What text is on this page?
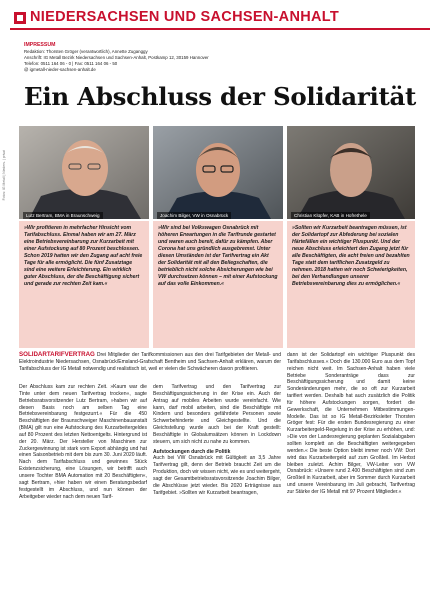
NIEDERSACHSEN UND SACHSEN-ANHALT
IMPRESSUM
Redaktion: Thorsten Gröger (verantwortlich), Annette Zuganggy
Anschrift: IG Metall Bezirk Niedersachsen und Sachsen-Anhalt, Postkamp 12, 30159 Hannover
Telefon: 0511 164 06 - 0 | Fax: 0511 164 06 - 50
@ igmetall-nieder-sachsen-anhalt.de
Ein Abschluss der Solidarität
Fotos: IG Metall | Nieders. | privat
Lutz Bertram, BMA in Braunschweig	Joachim Bilger, VW in Osnabrück	Christian Klüpfer, KAB in Hofrethele
»Wir profitieren in mehrfacher Hinsicht vom Tarifabschluss. Einmal haben wir am 27. März eine Betriebsvereinbarung zur Kurzarbeit mit einer Aufstockung auf 80 Prozent beschlossen. Schon 2019 hatten wir den Zugang auf acht freie Tage für alle ermöglicht. Die fünf Zusatztage sind eine weitere Erleichterung. Ein wirklich guter Abschluss, der die Beschäftigung sichert und gerade zur rechten Zeit kam.«
»Wir sind bei Volkswagen Osnabrück mit höheren Erwartungen in die Tarifrunde gestartet und waren auch bereit, dafür zu kämpfen. Aber Corona hat uns gründlich ausgebremst. Unter diesen Umständen ist der Tarifvertrag ein Akt der Solidarität mit all den Beliegschaften, die betrieblich nicht solche Absicherungen wie bei VW durchsetzen können – mit einer Aufstockung auf das volle Einkommen.«
»Sollten wir Kurzarbeit beantragen müssen, ist der Solidartopf zur Abfederung bei sozialen Härtefällen ein wichtiger Pluspunkt. Und der neue Abschluss erleichtert den Zugang jetzt für alle Beschäftigten, die acht freien und bezahlten Tage statt dem tariflichen Zusatzgeld zu nehmen. 2018 hatten wir noch Schwierigkeiten, bei den Verhandlungen unserer Betriebsvereinbarung dies zu ermöglichen.«
SOLIDARTARIFVERTRAG Drei Mitglieder der Tarifkommissionen aus den drei Tarifgebieten der Metall- und Elektroindustrie Niedersachsen, Osnabrück/Emsland-Grafschaft Bentheim und Sachsen-Anhalt erklären, warum der Tarifabschluss der IG Metall notwendig und realistisch ist, weil er vielen die Schwächeren davon profitieren.

Der Abschluss kam zur rechten Zeit. »Kaum war die Tinte unter dem neuen Tarifvertrag trocken«, sagte Betriebsratsvorsitzender Lutz Bertram, »haben wir auf diesen Basis noch am selben Tag eine Betriebsvereinbarung festgezurrt.« Für die 450 Beschäftigten der Braunschweiger Maschinenbauanstalt (BMA) gilt nun eine Aufstockung des Kurzarbeitergeldes auf 80 Prozent des letzten Nettoentgelts. Hintergrund ist der 20. März. Der Hersteller von Maschinen zur Zuckergewinnung ist stark vom Export abhängig und hat einen Saisonbetrieb mit dem bis zum 30. Juni 2020 läuft. Nach dem Tarifabschluss und gewinnes Stück Existenzsicherung, eine Lösungen, wir betrifft auch unsere Tochter BMA Automation mit 20 Beschäftigten«, sagt Bertram, »hier haben wir einen Beratungsbedarf festgestellt im Abschluss, und nun können der Arbeitgeber wieder nach dem neuen Tarif-

dem Tarifvertrag und den Tarifvertrag zur Beschäftigungssicherung in der Krise ein. Auch der Antrag auf mobiles Arbeiten wurde vereinfacht. Wie kann, darf mobil arbeiten, sind die Beschäftigte mit Kindern und besonders gefährdete Personen sowie Schwerbehinderte und Gleichgestellte. Und die Gleichstellung wurde auch bei der Kraft gestellt: Beschäftigte in Globalumsätzen können in Lockdown steuern, um sich nicht zu nahe zu kommen.

Aufstockungen durch die Politik

Auch bei VW Osnabrück mit Gültigkeit an 3,5 Jahre Tarifvertrag gilt, denn der Betrieb braucht Zeit um die Produktion, doch wir wissen nicht, wie es und weitergeht, sagt der Gesamtbetriebsratsvorsitzende Joachim Bilger, die Abschlüsse jetzt wieder. Bis 2020 Erträgnisse aus Tarifgebiet. »Sollten wir Kurzarbeit beantragen,

dann ist der Solidartopf ein wichtiger Pluspunkt des Tarifabschlusses.« Doch die 130.000 Euro aus dem Topf reichen nicht weit. Im Sachsen-Anhalt haben viele Betriebe Sonderanträge dass zur Beschäftigungssicherung und damit keine Sonderänderungen mehr, die so oft zur Kurzarbeit tarifiert werden. Deshalb hat auch zusätzlich die Politik für höhere Aufstockungen sorgen, fordert die Gewerkschaft, die Unternehmen Mitbestimmungen-Modelle. Das ist so IG Metall-Bezirksleiter Thorsten Gröger fest: Für die ersten Bundesregierung zu einer Kurzarbeitergeld-Regelung in der Krise zu erhöhen, und: »Die von der Landesregierung geplanten Sozialabgaben sollten komplett an die Beschäftigten weitergegeben werden.« Die beste Option bleibt immer noch VW: Dort wird das Kurzarbeitergeld auf zum Großteil. Im Herbst bleiben zuletzt. Achim Bilger, VW-Leiter von VW Osnabrück: »Unsere rund 2.400 Beschäftigten sind zum Großteil in Kurzarbeit, aber im Sommer durch Kurzarbeit und unsere Vereinbarung im Juli gebracht, Tarifvertrag zur Stärke der IG Metall mit 97 Prozent Mitglieder.«
